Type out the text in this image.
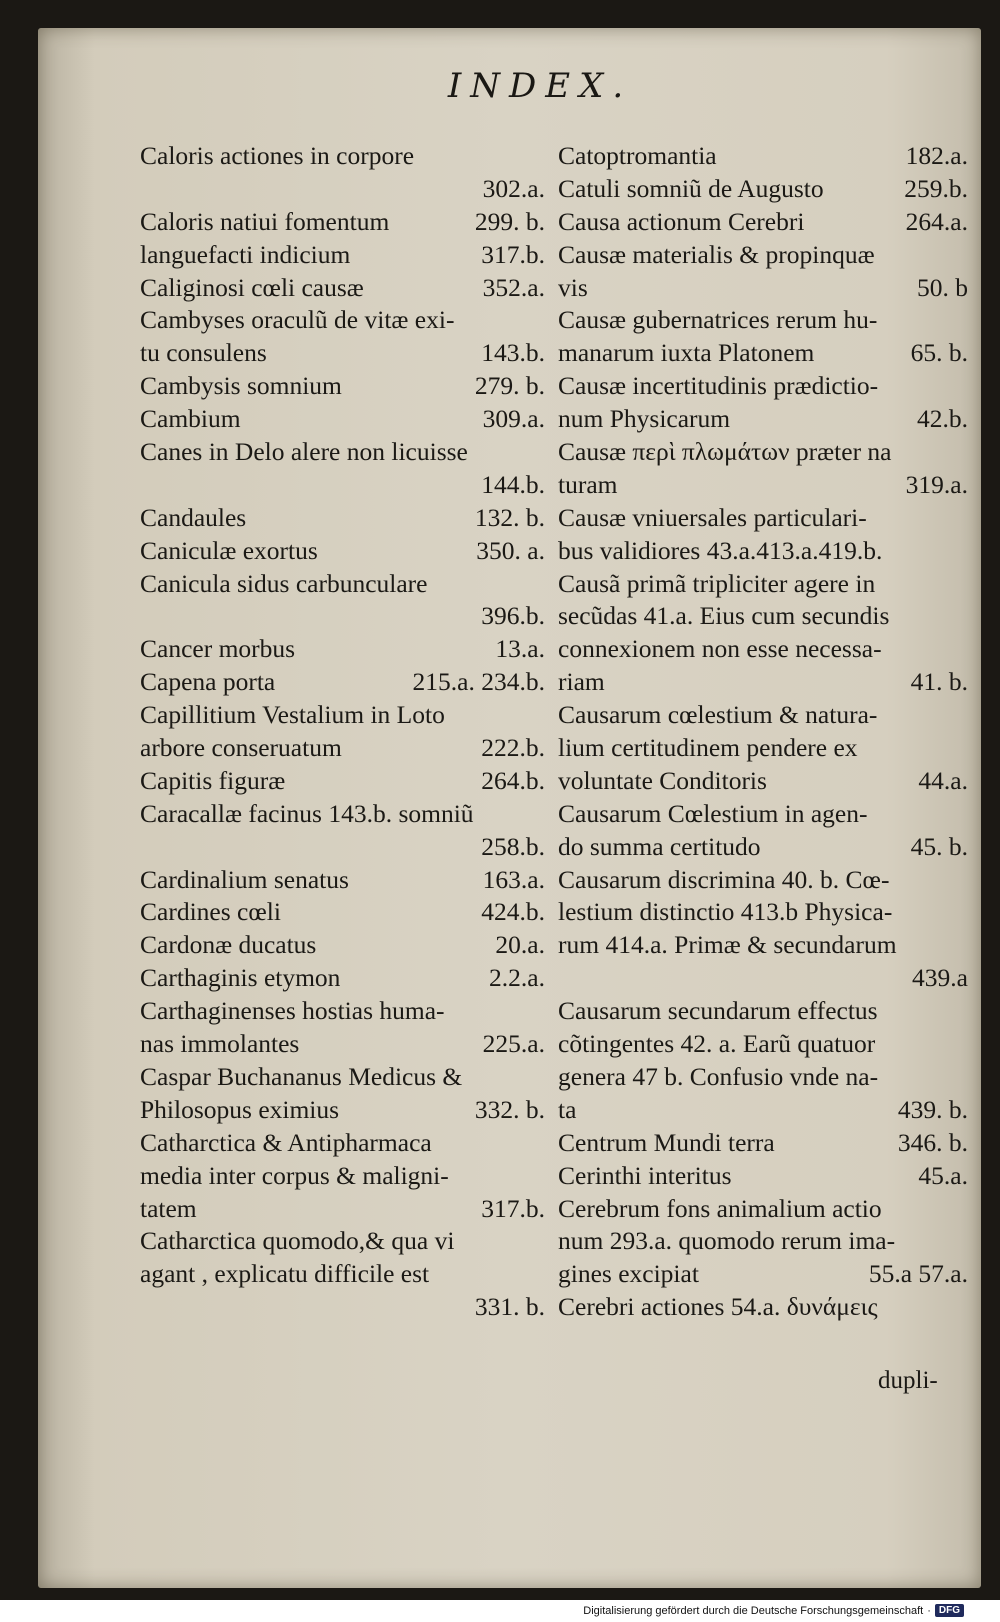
INDEX.
Caloris actiones in corpore
302.a.
Caloris natiui fomentum	299. b.
languefacti indicium	317.b.
Caliginosi cœli causæ	352.a.
Cambyses oraculũ de vitæ exi-
tu consulens	143.b.
Cambysis somnium	279. b.
Cambium	309.a.
Canes in Delo alere non licuisse
144.b.
Candaules	132. b.
Caniculæ exortus	350. a.
Canicula sidus carbunculare
396.b.
Cancer morbus	13.a.
Capena porta	215.a. 234.b.
Capillitium Vestalium in Loto
arbore conseruatum	222.b.
Capitis figuræ	264.b.
Caracallæ facinus 143.b. somniũ
258.b.
Cardinalium senatus	163.a.
Cardines cœli	424.b.
Cardonæ ducatus	20.a.
Carthaginis etymon	2.2.a.
Carthaginenses hostias huma-
nas immolantes	225.a.
Caspar Buchananus Medicus &
Philosopus eximius	332. b.
Catharctica & Antipharmaca
media inter corpus & maligni-
tatem	317.b.
Catharctica quomodo,& qua vi
agant , explicatu difficile est
331. b.
Catoptromantia	182.a.
Catuli somniũ de Augusto	259.b.
Causa actionum Cerebri	264.a.
Causæ materialis & propinquæ
vis	50. b
Causæ gubernatrices rerum hu-
manarum iuxta Platonem	65. b.
Causæ incertitudinis prædictio-
num Physicarum	42.b.
Causæ περὶ πλωμάτων præter na
turam	319.a.
Causæ vniuersales particulari-
bus validiores 43.a.413.a.419.b.
Causã primã tripliciter agere in
secũdas 41.a. Eius cum secundis
connexionem non esse necessa-
riam	41. b.
Causarum cœlestium & natura-
lium certitudinem pendere ex
voluntate Conditoris	44.a.
Causarum Cœlestium in agen-
do summa certitudo	45. b.
Causarum discrimina 40. b. Cœ-
lestium distinctio 413.b Physica-
rum 414.a. Primæ & secundarum
439.a
Causarum secundarum effectus
cõtingentes 42. a. Earũ quatuor
genera 47 b. Confusio vnde na-
ta	439. b.
Centrum Mundi terra	346. b.
Cerinthi interitus	45.a.
Cerebrum fons animalium actio
num 293.a. quomodo rerum ima-
gines excipiat	55.a 57.a.
Cerebri actiones 54.a. δυνάμεις
dupli-
Digitalisierung gefördert durch die Deutsche Forschungsgemeinschaft · DFG
